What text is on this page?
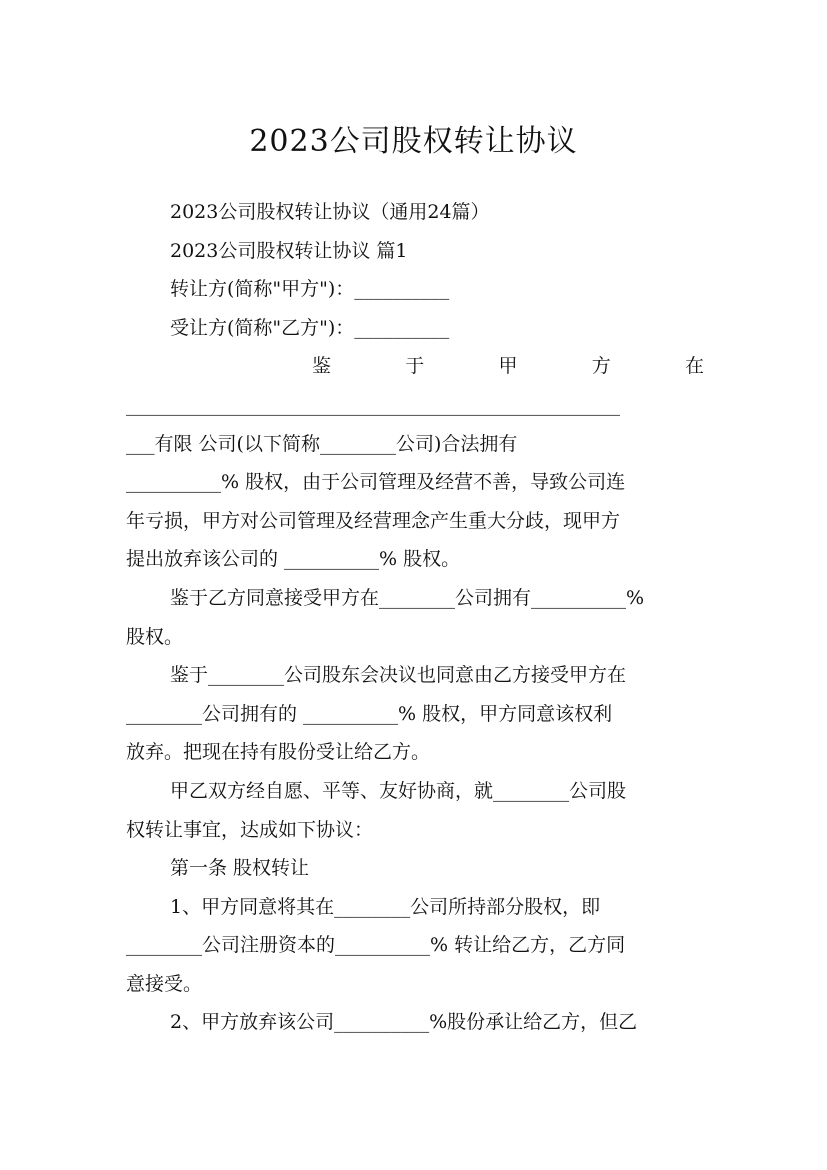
2023公司股权转让协议

2023公司股权转让协议（通用24篇）

2023公司股权转让协议 篇1

转让方(简称"甲方")：__________

受让方(简称"乙方")：__________

鉴	于	甲	方	在

____________________________________________________

___有限 公司(以下简称________公司)合法拥有

__________% 股权，由于公司管理及经营不善，导致公司连

年亏损，甲方对公司管理及经营理念产生重大分歧，现甲方

提出放弃该公司的 __________% 股权。

鉴于乙方同意接受甲方在________公司拥有__________%

股权。

鉴于________公司股东会决议也同意由乙方接受甲方在

________公司拥有的 __________% 股权，甲方同意该权利

放弃。把现在持有股份受让给乙方。

甲乙双方经自愿、平等、友好协商，就________公司股

权转让事宜，达成如下协议：

第一条 股权转让

1、甲方同意将其在________公司所持部分股权，即

________公司注册资本的__________% 转让给乙方，乙方同

意接受。

2、甲方放弃该公司__________%股份承让给乙方，但乙
